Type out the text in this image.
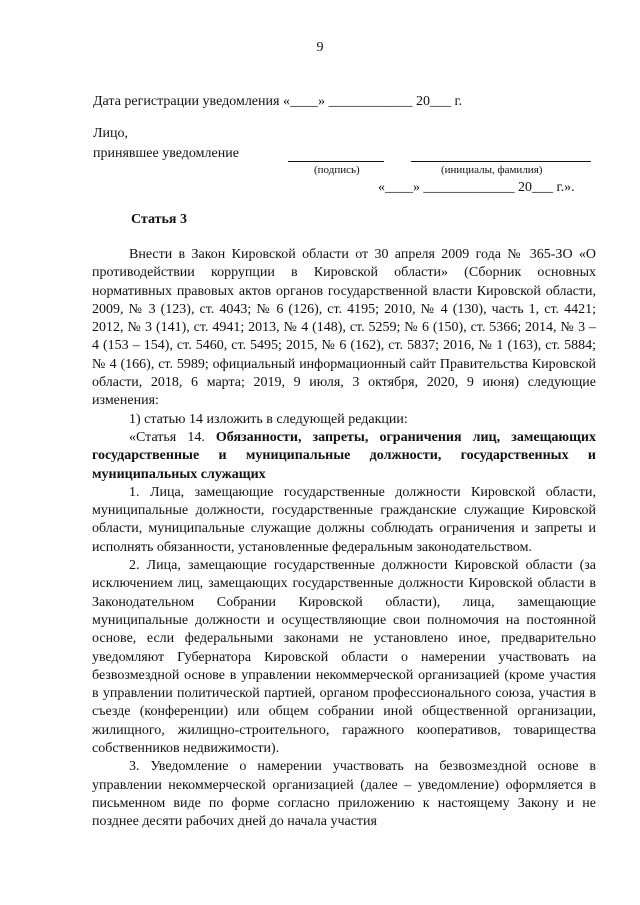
9
Дата регистрации уведомления «____» ____________ 20___ г.
Лицо,
принявшее уведомление
(подпись)	(инициалы, фамилия)
«____» _____________ 20___ г.».
Статья 3

Внести в Закон Кировской области от 30 апреля 2009 года № 365-ЗО «О противодействии коррупции в Кировской области» (Сборник основных нормативных правовых актов органов государственной власти Кировской области, 2009, № 3 (123), ст. 4043; № 6 (126), ст. 4195; 2010, № 4 (130), часть 1, ст. 4421; 2012, № 3 (141), ст. 4941; 2013, № 4 (148), ст. 5259; № 6 (150), ст. 5366; 2014, № 3 – 4 (153 – 154), ст. 5460, ст. 5495; 2015, № 6 (162), ст. 5837; 2016, № 1 (163), ст. 5884; № 4 (166), ст. 5989; официальный информационный сайт Правительства Кировской области, 2018, 6 марта; 2019, 9 июля, 3 октября, 2020, 9 июня) следующие изменения:

1) статью 14 изложить в следующей редакции:

«Статья 14. Обязанности, запреты, ограничения лиц, замещающих государственные и муниципальные должности, государственных и муниципальных служащих

1. Лица, замещающие государственные должности Кировской области, муниципальные должности, государственные гражданские служащие Кировской области, муниципальные служащие должны соблюдать ограничения и запреты и исполнять обязанности, установленные федеральным законодательством.

2. Лица, замещающие государственные должности Кировской области (за исключением лиц, замещающих государственные должности Кировской области в Законодательном Собрании Кировской области), лица, замещающие муниципальные должности и осуществляющие свои полномочия на постоянной основе, если федеральными законами не установлено иное, предварительно уведомляют Губернатора Кировской области о намерении участвовать на безвозмездной основе в управлении некоммерческой организацией (кроме участия в управлении политической партией, органом профессионального союза, участия в съезде (конференции) или общем собрании иной общественной организации, жилищного, жилищно-строительного, гаражного кооперативов, товарищества собственников недвижимости).

3. Уведомление о намерении участвовать на безвозмездной основе в управлении некоммерческой организацией (далее – уведомление) оформляется в письменном виде по форме согласно приложению к настоящему Закону и не позднее десяти рабочих дней до начала участия
